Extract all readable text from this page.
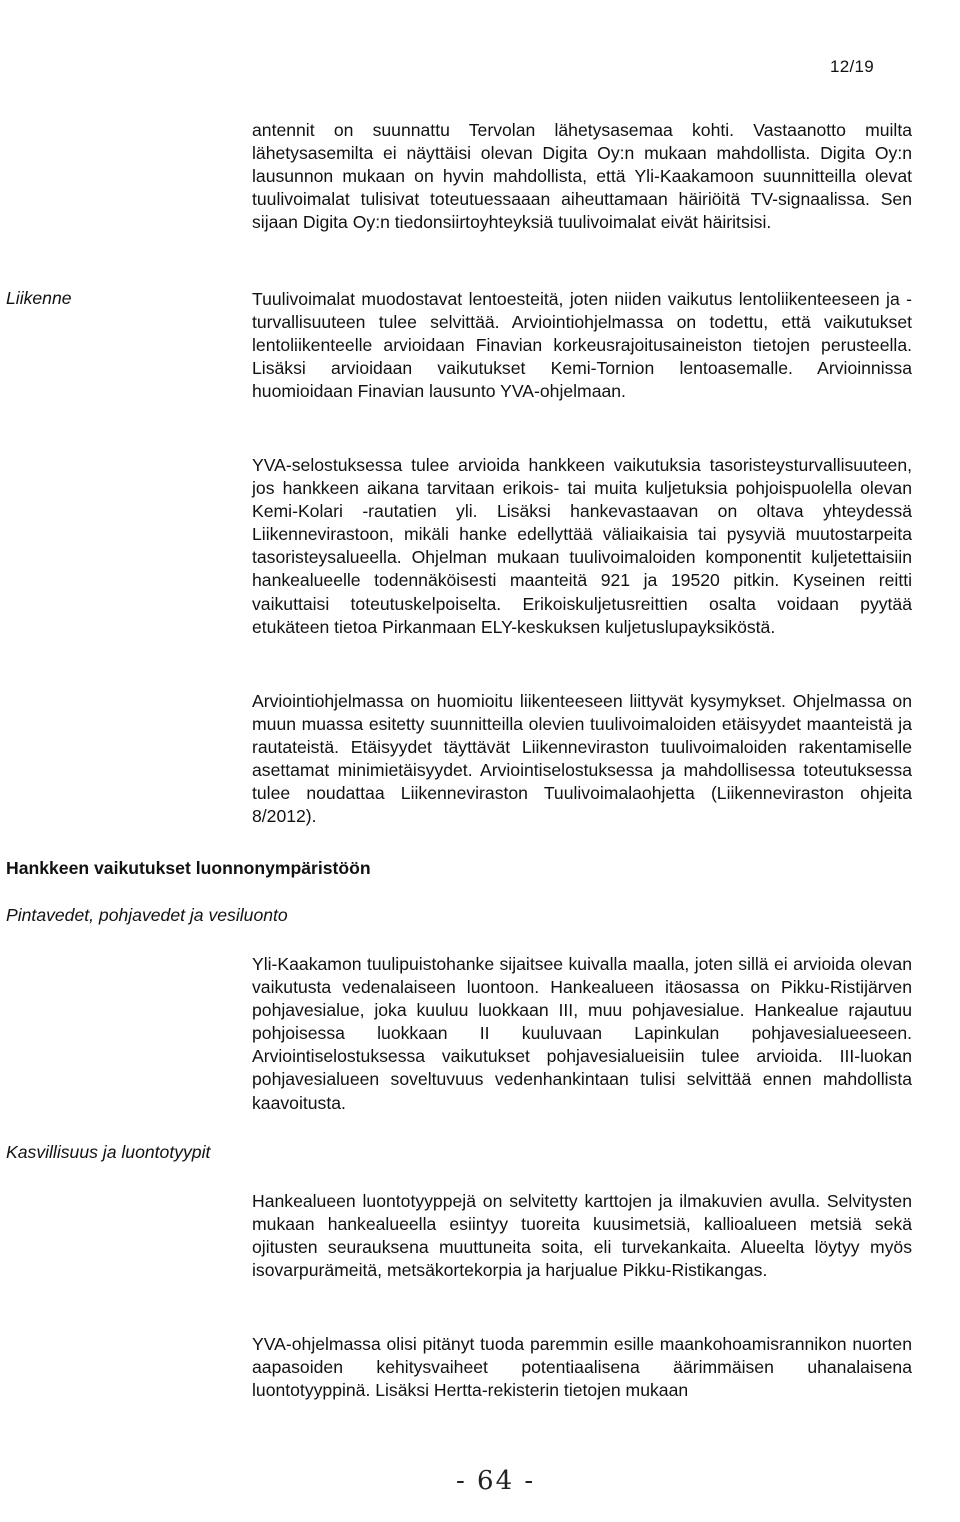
12/19

antennit on suunnattu Tervolan lähetysasemaa kohti. Vastaanotto muilta lähetysasemilta ei näyttäisi olevan Digita Oy:n mukaan mahdollista. Digita Oy:n lausunnon mukaan on hyvin mahdollista, että Yli-Kaakamoon suunnitteilla olevat tuulivoimalat tulisivat toteutuessaaan aiheuttamaan häiriöitä TV-signaalissa. Sen sijaan Digita Oy:n tiedonsiirtoyhteyksiä tuulivoimalat eivät häiritsisi.

Liikenne	Tuulivoimalat muodostavat lentoesteitä, joten niiden vaikutus lentoliikenteeseen ja -turvallisuuteen tulee selvittää. Arviointiohjelmassa on todettu, että vaikutukset lentoliikenteelle arvioidaan Finavian korkeusrajoitusaineiston tietojen perusteella. Lisäksi arvioidaan vaikutukset Kemi-Tornion lentoasemalle. Arvioinnissa huomioidaan Finavian lausunto YVA-ohjelmaan.

YVA-selostuksessa tulee arvioida hankkeen vaikutuksia tasoristeysturvallisuuteen, jos hankkeen aikana tarvitaan erikois- tai muita kuljetuksia pohjoispuolella olevan Kemi-Kolari -rautatien yli. Lisäksi hankevastaavan on oltava yhteydessä Liikennevirastoon, mikäli hanke edellyttää väliaikaisia tai pysyviä muutostarpeita tasoristeysalueella. Ohjelman mukaan tuulivoimaloiden komponentit kuljetettaisiin hankealueelle todennäköisesti maanteitä 921 ja 19520 pitkin. Kyseinen reitti vaikuttaisi toteutuskelpoiselta. Erikoiskuljetusreittien osalta voidaan pyytää etukäteen tietoa Pirkanmaan ELY-keskuksen kuljetuslupayksiköstä.

Arviointiohjelmassa on huomioitu liikenteeseen liittyvät kysymykset. Ohjelmassa on muun muassa esitetty suunnitteilla olevien tuulivoimaloiden etäisyydet maanteistä ja rautateistä. Etäisyydet täyttävät Liikenneviraston tuulivoimaloiden rakentamiselle asettamat minimietäisyydet. Arviointiselostuksessa ja mahdollisessa toteutuksessa tulee noudattaa Liikenneviraston Tuulivoimalaohjetta (Liikenneviraston ohjeita 8/2012).

Hankkeen vaikutukset luonnonympäristöön

Pintavedet, pohjavedet ja vesiluonto

Yli-Kaakamon tuulipuistohanke sijaitsee kuivalla maalla, joten sillä ei arvioida olevan vaikutusta vedenalaiseen luontoon. Hankealueen itäosassa on Pikku-Ristijärven pohjavesialue, joka kuuluu luokkaan III, muu pohjavesialue. Hankealue rajautuu pohjoisessa luokkaan II kuuluvaan Lapinkulan pohjavesialueeseen. Arviointiselostuksessa vaikutukset pohjavesialueisiin tulee arvioida. III-luokan pohjavesialueen soveltuvuus vedenhankintaan tulisi selvittää ennen mahdollista kaavoitusta.

Kasvillisuus ja luontotyypit

Hankealueen luontotyyppejä on selvitetty karttojen ja ilmakuvien avulla. Selvitysten mukaan hankealueella esiintyy tuoreita kuusimetsiä, kallioalueen metsiä sekä ojitusten seurauksena muuttuneita soita, eli turvekankaita. Alueelta löytyy myös isovarpurämeitä, metsäkortekorpia ja harjualue Pikku-Ristikangas.

YVA-ohjelmassa olisi pitänyt tuoda paremmin esille maankohoamisrannikon nuorten aapasoiden kehitysvaiheet potentiaalisena äärimmäisen uhanalaisena luontotyyppinä. Lisäksi Hertta-rekisterin tietojen mukaan

- 64 -
